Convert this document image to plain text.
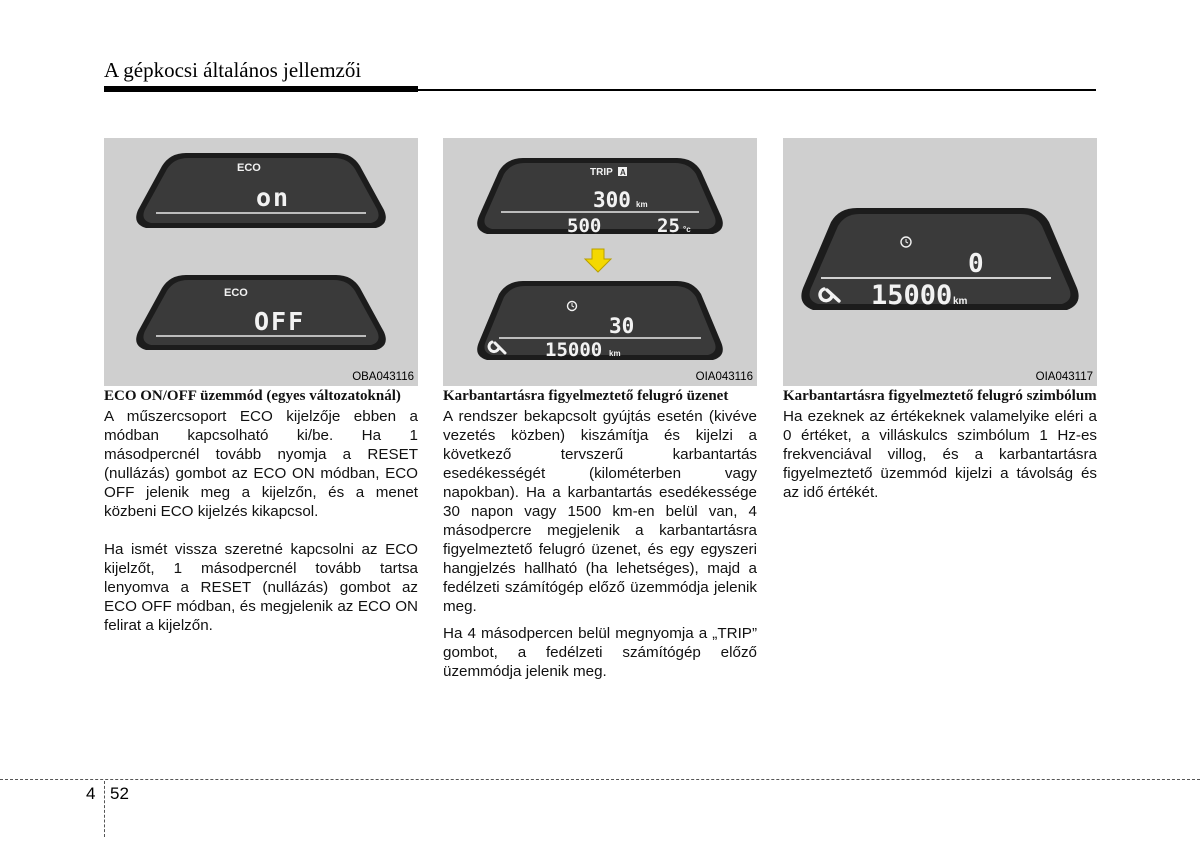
A gépkocsi általános jellemzői
ECO
on
ECO
OFF
OBA043116
TRIP A
300 km
500	25 °c
30
15000 km
OIA043116
0
15000 km
OIA043117
ECO ON/OFF üzemmód (egyes változatoknál)

A műszercsoport ECO kijelzője ebben a módban kapcsolható ki/be. Ha 1 másodpercnél tovább nyomja a RESET (nullázás) gombot az ECO ON módban, ECO OFF jelenik meg a kijelzőn, és a menet közbeni ECO kijelzés kikapcsol.

Ha ismét vissza szeretné kapcsolni az ECO kijelzőt, 1 másodpercnél tovább tartsa lenyomva a RESET (nullázás) gombot az ECO OFF módban, és megjelenik az ECO ON felirat a kijelzőn.

Karbantartásra figyelmeztető felugró üzenet

A rendszer bekapcsolt gyújtás esetén (kivéve vezetés közben) kiszámítja és kijelzi a következő tervszerű karbantartás esedékességét (kilométerben vagy napokban). Ha a karbantartás esedékessége 30 napon vagy 1500 km-en belül van, 4 másodpercre megjelenik a karbantartásra figyelmeztető felugró üzenet, és egy egyszeri hangjelzés hallható (ha lehetséges), majd a fedélzeti számítógép előző üzemmódja jelenik meg.

Ha 4 másodpercen belül megnyomja a „TRIP” gombot, a fedélzeti számítógép előző üzemmódja jelenik meg.

Karbantartásra figyelmeztető felugró szimbólum

Ha ezeknek az értékeknek valamelyike eléri a 0 értéket, a villáskulcs szimbólum 1 Hz-es frekvenciával villog, és a karbantartásra figyelmeztető üzemmód kijelzi a távolság és az idő értékét.

4 52
